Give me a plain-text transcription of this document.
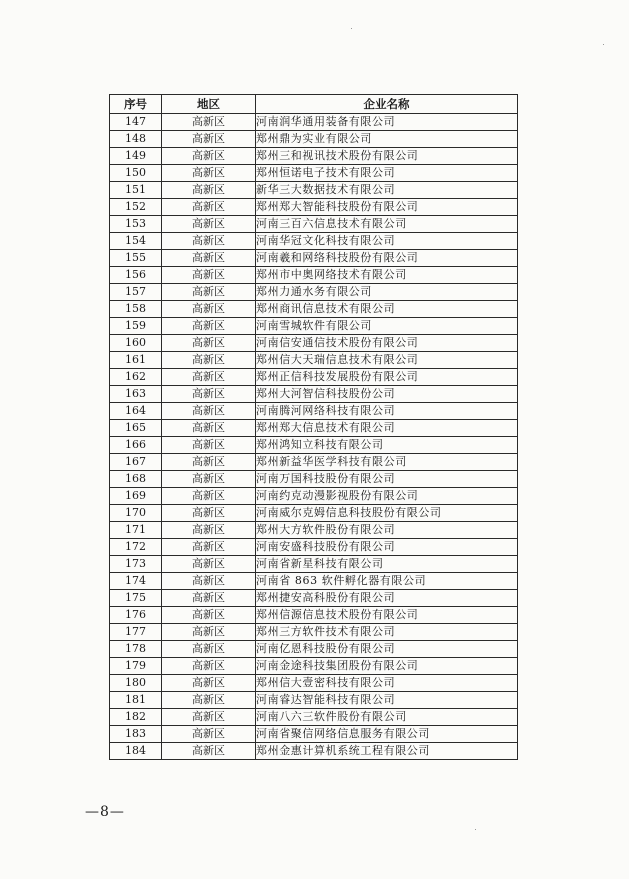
序号	地区	企业名称
147	高新区	河南润华通用装备有限公司
148	高新区	郑州鼎为实业有限公司
149	高新区	郑州三和视讯技术股份有限公司
150	高新区	郑州恒诺电子技术有限公司
151	高新区	新华三大数据技术有限公司
152	高新区	郑州郑大智能科技股份有限公司
153	高新区	河南三百六信息技术有限公司
154	高新区	河南华冠文化科技有限公司
155	高新区	河南羲和网络科技股份有限公司
156	高新区	郑州市中奥网络技术有限公司
157	高新区	郑州力通水务有限公司
158	高新区	郑州商讯信息技术有限公司
159	高新区	河南雪城软件有限公司
160	高新区	河南信安通信技术股份有限公司
161	高新区	郑州信大天瑞信息技术有限公司
162	高新区	郑州正信科技发展股份有限公司
163	高新区	郑州大河智信科技股份公司
164	高新区	河南腾河网络科技有限公司
165	高新区	郑州郑大信息技术有限公司
166	高新区	郑州鸿知立科技有限公司
167	高新区	郑州新益华医学科技有限公司
168	高新区	河南万国科技股份有限公司
169	高新区	河南约克动漫影视股份有限公司
170	高新区	河南威尔克姆信息科技股份有限公司
171	高新区	郑州大方软件股份有限公司
172	高新区	河南安盛科技股份有限公司
173	高新区	河南省新星科技有限公司
174	高新区	河南省 863 软件孵化器有限公司
175	高新区	郑州捷安高科股份有限公司
176	高新区	郑州信源信息技术股份有限公司
177	高新区	郑州三方软件技术有限公司
178	高新区	河南亿恩科技股份有限公司
179	高新区	河南金途科技集团股份有限公司
180	高新区	郑州信大壹密科技有限公司
181	高新区	河南睿达智能科技有限公司
182	高新区	河南八六三软件股份有限公司
183	高新区	河南省聚信网络信息服务有限公司
184	高新区	郑州金惠计算机系统工程有限公司
—8—
